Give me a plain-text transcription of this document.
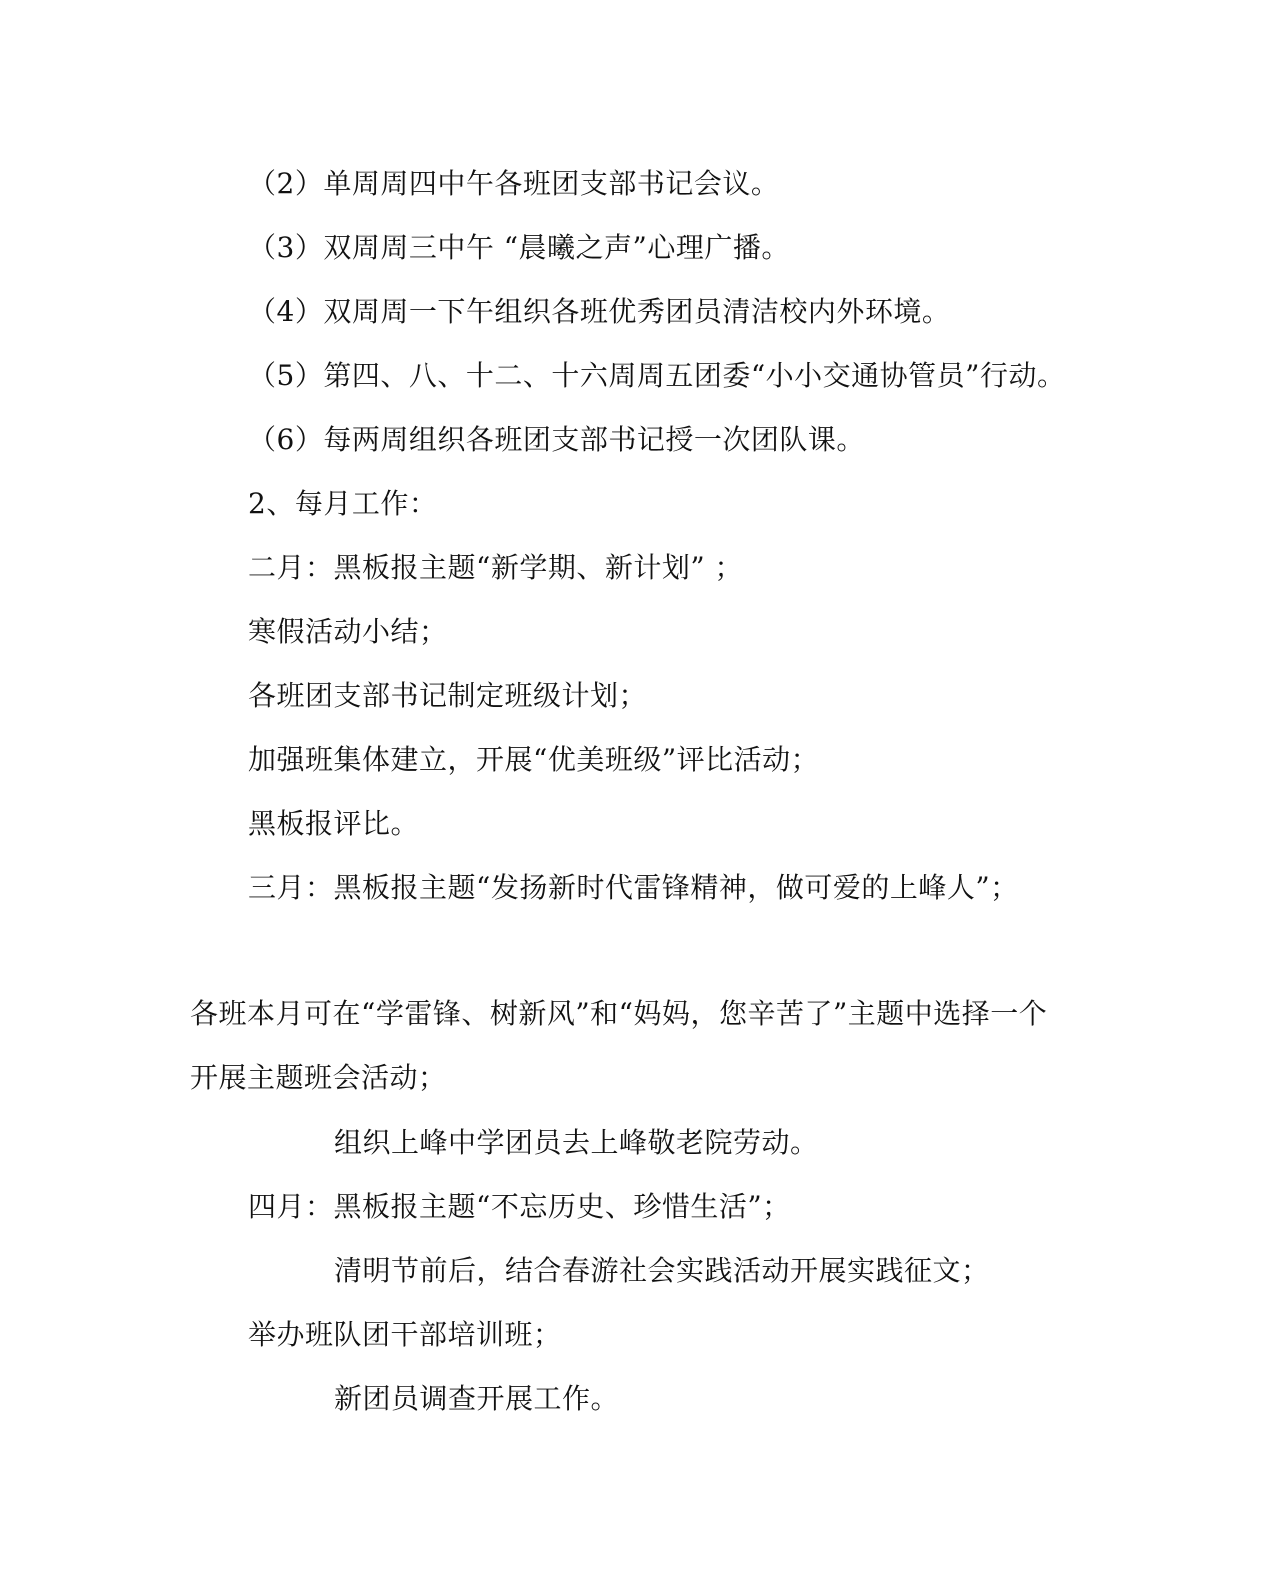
（2）单周周四中午各班团支部书记会议。
（3）双周周三中午 “晨曦之声”心理广播。
（4）双周周一下午组织各班优秀团员清洁校内外环境。
（5）第四、八、十二、十六周周五团委“小小交通协管员”行动。
（6）每两周组织各班团支部书记授一次团队课。
2、每月工作：
二月：黑板报主题“新学期、新计划” ；
寒假活动小结；
各班团支部书记制定班级计划；
加强班集体建立，开展“优美班级”评比活动；
黑板报评比。
三月：黑板报主题“发扬新时代雷锋精神，做可爱的上峰人”；
各班本月可在“学雷锋、树新风”和“妈妈，您辛苦了”主题中选择一个
开展主题班会活动；
组织上峰中学团员去上峰敬老院劳动。
四月：黑板报主题“不忘历史、珍惜生活”；
清明节前后，结合春游社会实践活动开展实践征文；
举办班队团干部培训班；
新团员调查开展工作。
